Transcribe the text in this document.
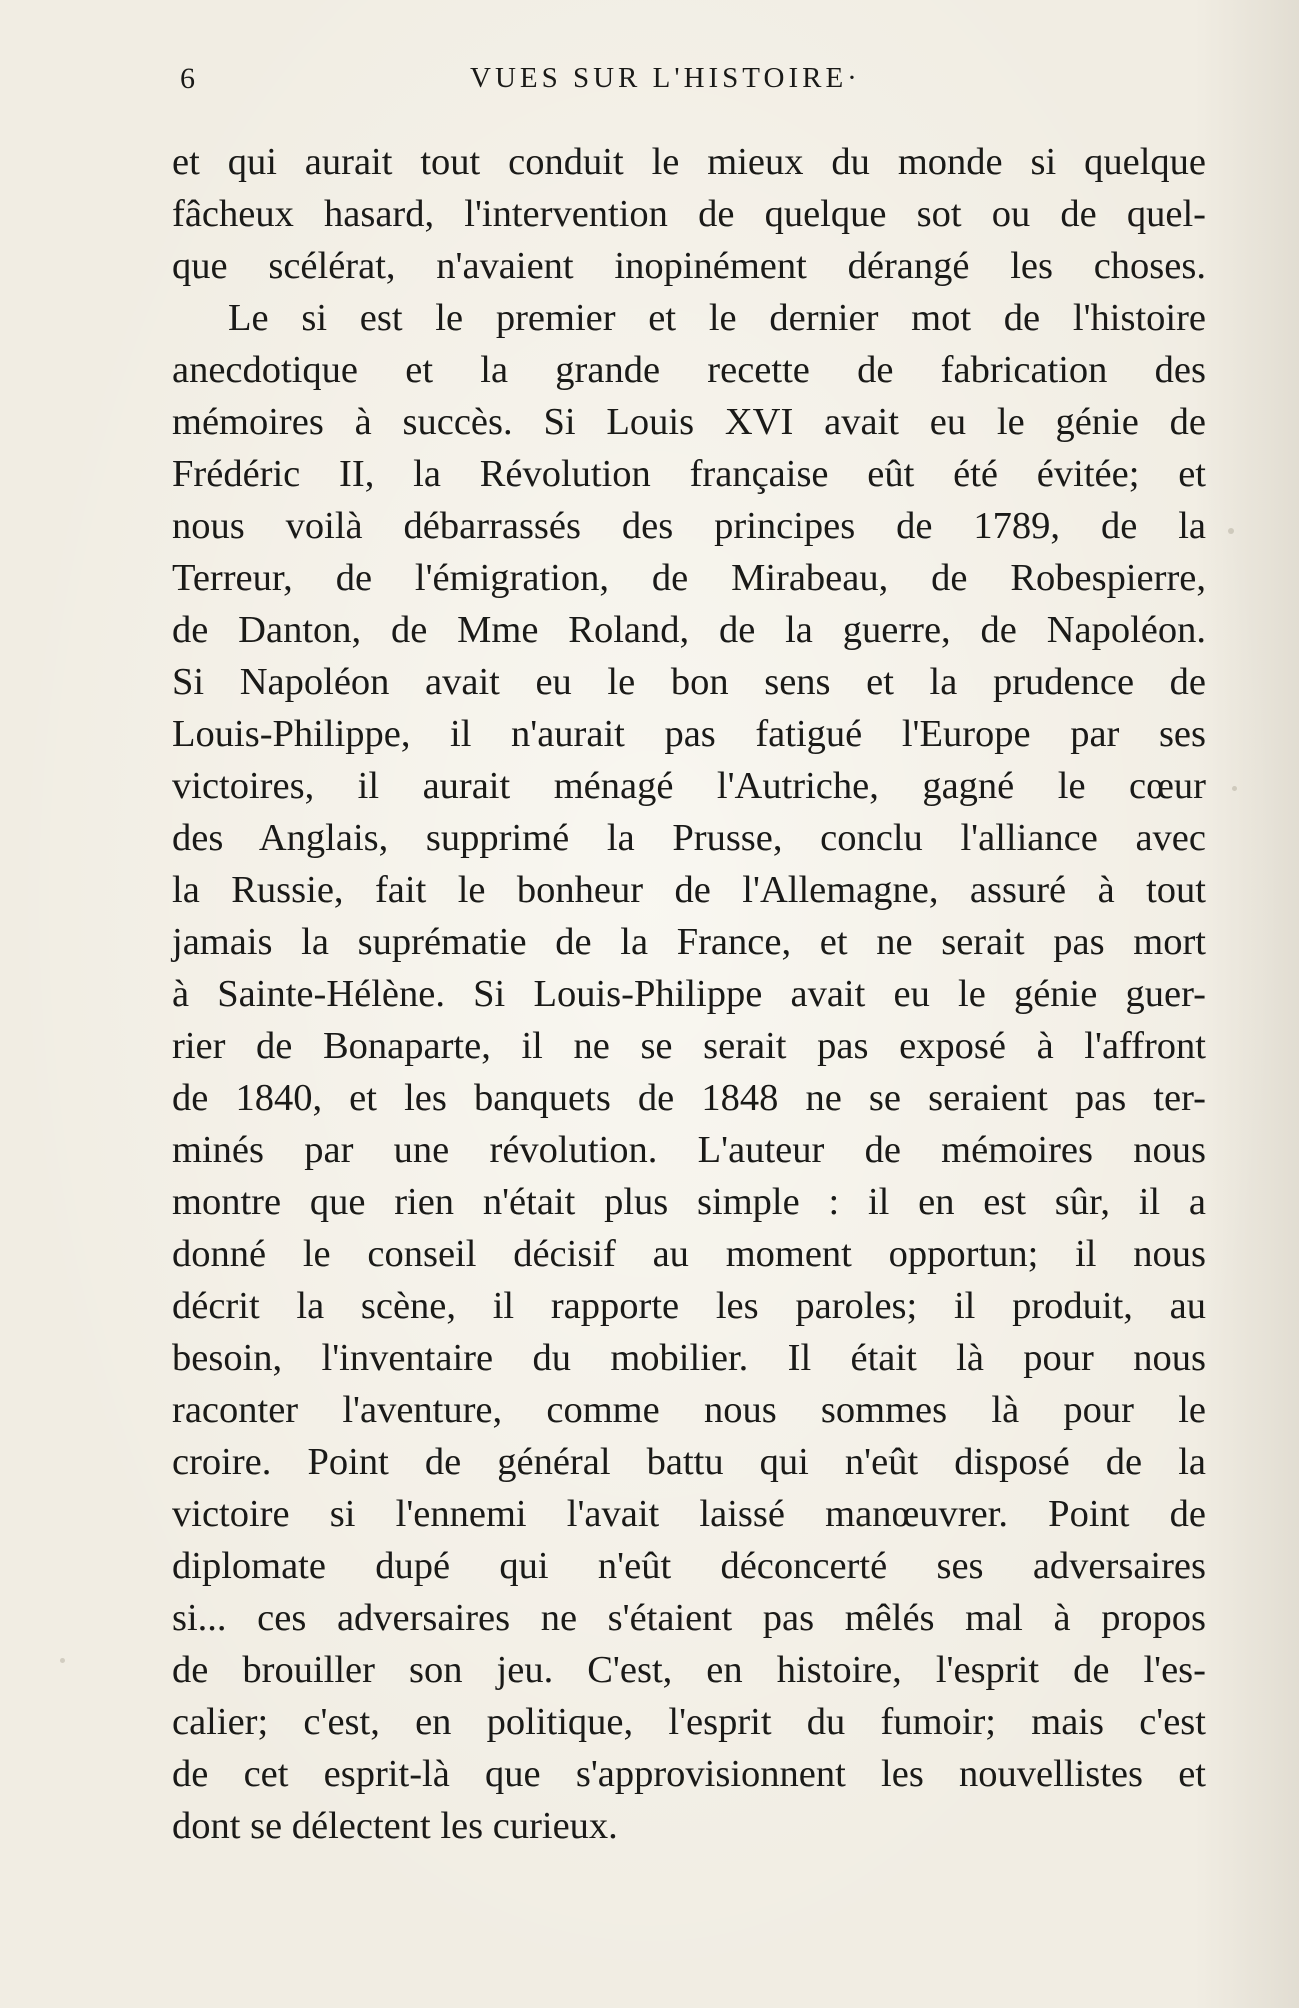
6	VUES SUR L'HISTOIRE·
et qui aurait tout conduit le mieux du monde si quelque
fâcheux hasard, l'intervention de quelque sot ou de quel-
que scélérat, n'avaient inopinément dérangé les choses.
Le si est le premier et le dernier mot de l'histoire
anecdotique et la grande recette de fabrication des
mémoires à succès. Si Louis XVI avait eu le génie de
Frédéric II, la Révolution française eût été évitée; et
nous voilà débarrassés des principes de 1789, de la
Terreur, de l'émigration, de Mirabeau, de Robespierre,
de Danton, de Mme Roland, de la guerre, de Napoléon.
Si Napoléon avait eu le bon sens et la prudence de
Louis-Philippe, il n'aurait pas fatigué l'Europe par ses
victoires, il aurait ménagé l'Autriche, gagné le cœur
des Anglais, supprimé la Prusse, conclu l'alliance avec
la Russie, fait le bonheur de l'Allemagne, assuré à tout
jamais la suprématie de la France, et ne serait pas mort
à Sainte-Hélène. Si Louis-Philippe avait eu le génie guer-
rier de Bonaparte, il ne se serait pas exposé à l'affront
de 1840, et les banquets de 1848 ne se seraient pas ter-
minés par une révolution. L'auteur de mémoires nous
montre que rien n'était plus simple : il en est sûr, il a
donné le conseil décisif au moment opportun; il nous
décrit la scène, il rapporte les paroles; il produit, au
besoin, l'inventaire du mobilier. Il était là pour nous
raconter l'aventure, comme nous sommes là pour le
croire. Point de général battu qui n'eût disposé de la
victoire si l'ennemi l'avait laissé manœuvrer. Point de
diplomate dupé qui n'eût déconcerté ses adversaires
si... ces adversaires ne s'étaient pas mêlés mal à propos
de brouiller son jeu. C'est, en histoire, l'esprit de l'es-
calier; c'est, en politique, l'esprit du fumoir; mais c'est
de cet esprit-là que s'approvisionnent les nouvellistes et
dont se délectent les curieux.
